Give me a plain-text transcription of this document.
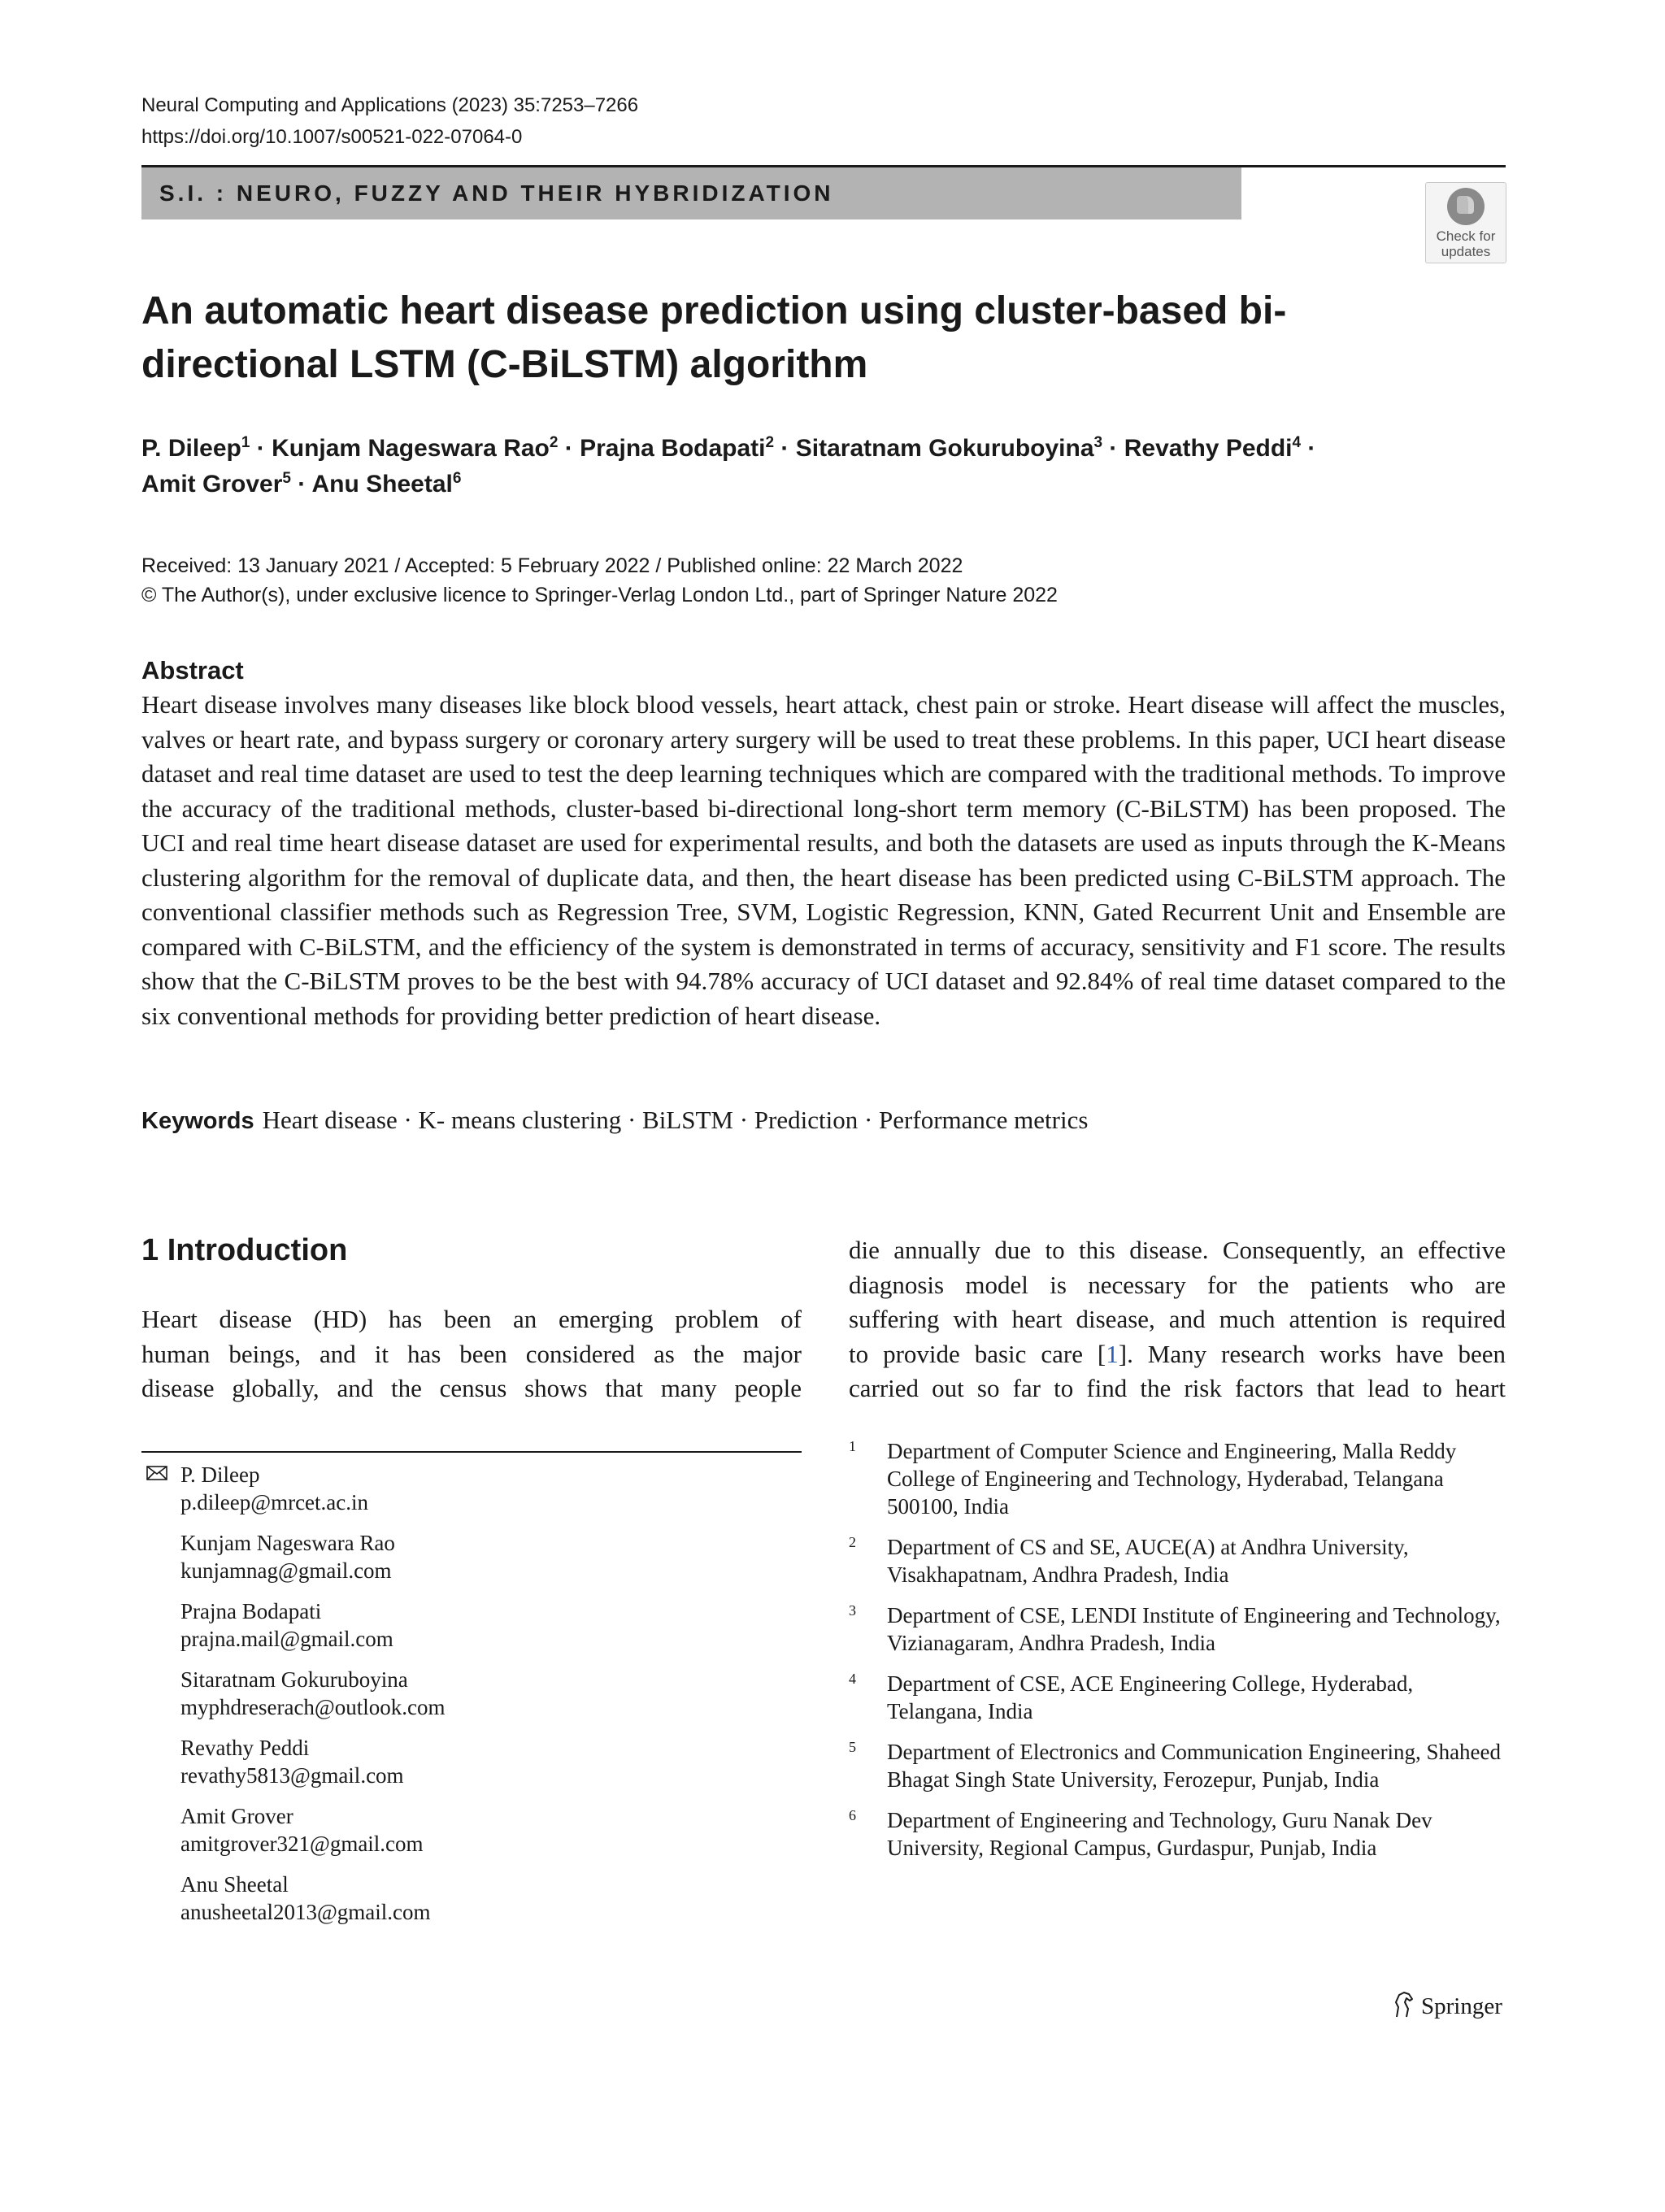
Neural Computing and Applications (2023) 35:7253–7266
https://doi.org/10.1007/s00521-022-07064-0
S.I. : NEURO, FUZZY AND THEIR HYBRIDIZATION
Check for
updates
An automatic heart disease prediction using cluster-based bi-directional LSTM (C-BiLSTM) algorithm
P. Dileep$^1$ · Kunjam Nageswara Rao$^2$ · Prajna Bodapati$^2$ · Sitaratnam Gokuruboyina$^3$ · Revathy Peddi$^4$ ·
Amit Grover$^5$ · Anu Sheetal$^6$
Received: 13 January 2021 / Accepted: 5 February 2022 / Published online: 22 March 2022
© The Author(s), under exclusive licence to Springer-Verlag London Ltd., part of Springer Nature 2022
Abstract
Heart disease involves many diseases like block blood vessels, heart attack, chest pain or stroke. Heart disease will affect the muscles, valves or heart rate, and bypass surgery or coronary artery surgery will be used to treat these problems. In this paper, UCI heart disease dataset and real time dataset are used to test the deep learning techniques which are compared with the traditional methods. To improve the accuracy of the traditional methods, cluster-based bi-directional long-short term memory (C-BiLSTM) has been proposed. The UCI and real time heart disease dataset are used for experimental results, and both the datasets are used as inputs through the K-Means clustering algorithm for the removal of duplicate data, and then, the heart disease has been predicted using C-BiLSTM approach. The conventional classifier methods such as Regression Tree, SVM, Logistic Regression, KNN, Gated Recurrent Unit and Ensemble are compared with C-BiLSTM, and the efficiency of the system is demonstrated in terms of accuracy, sensitivity and F1 score. The results show that the C-BiLSTM proves to be the best with 94.78% accuracy of UCI dataset and 92.84% of real time dataset compared to the six conventional methods for providing better prediction of heart disease.
Keywords Heart disease · K- means clustering · BiLSTM · Prediction · Performance metrics
1 Introduction
Heart disease (HD) has been an emerging problem of
human beings, and it has been considered as the major
disease globally, and the census shows that many people
die annually due to this disease. Consequently, an effective
diagnosis model is necessary for the patients who are
suffering with heart disease, and much attention is required
to provide basic care [1]. Many research works have been
carried out so far to find the risk factors that lead to heart
P. Dileep
p.dileep@mrcet.ac.in
Kunjam Nageswara Rao
kunjamnag@gmail.com
Prajna Bodapati
prajna.mail@gmail.com
Sitaratnam Gokuruboyina
myphdreserach@outlook.com
Revathy Peddi
revathy5813@gmail.com
Amit Grover
amitgrover321@gmail.com
Anu Sheetal
anusheetal2013@gmail.com
1 Department of Computer Science and Engineering, Malla Reddy College of Engineering and Technology, Hyderabad, Telangana 500100, India
2 Department of CS and SE, AUCE(A) at Andhra University, Visakhapatnam, Andhra Pradesh, India
3 Department of CSE, LENDI Institute of Engineering and Technology, Vizianagaram, Andhra Pradesh, India
4 Department of CSE, ACE Engineering College, Hyderabad, Telangana, India
5 Department of Electronics and Communication Engineering, Shaheed Bhagat Singh State University, Ferozepur, Punjab, India
6 Department of Engineering and Technology, Guru Nanak Dev University, Regional Campus, Gurdaspur, Punjab, India
Springer
